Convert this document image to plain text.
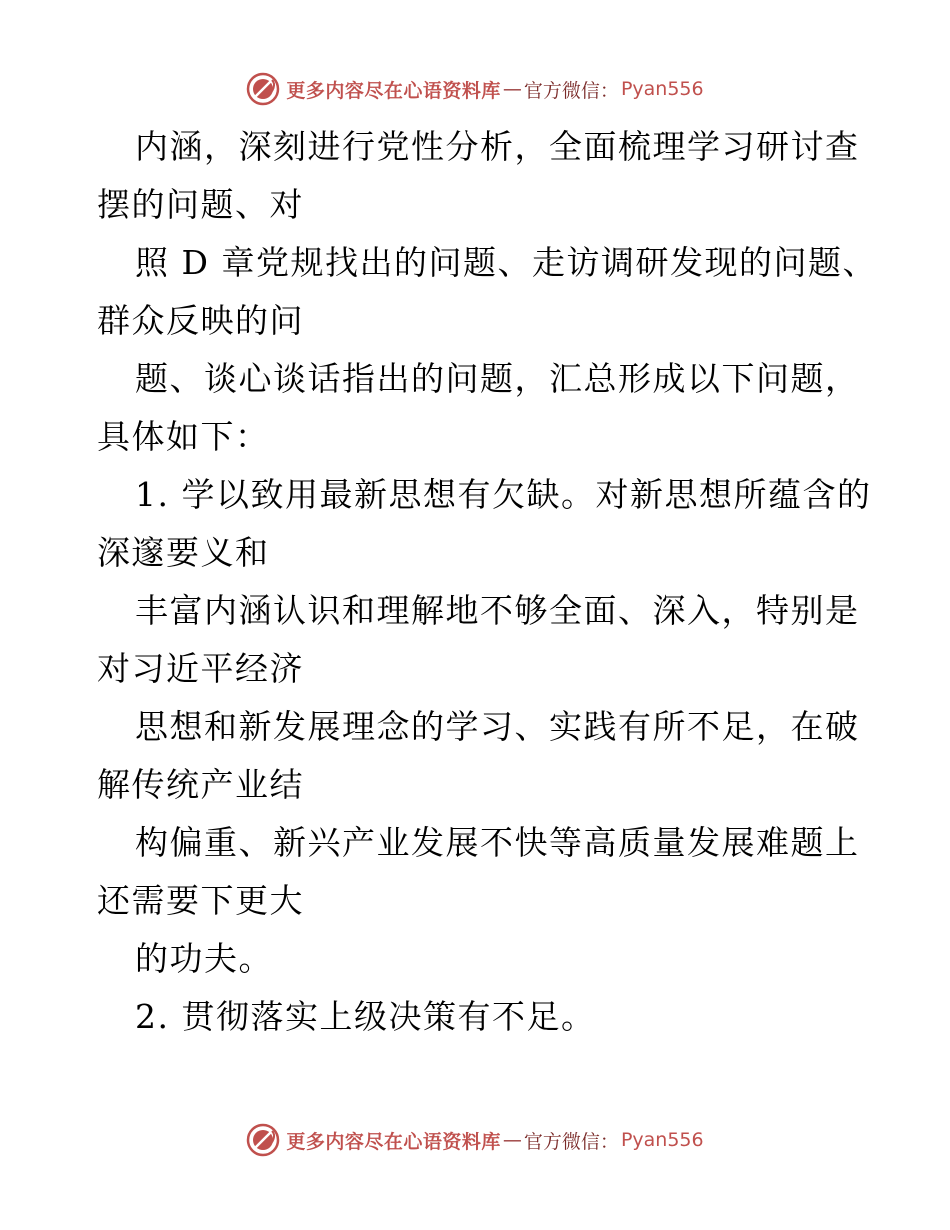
更多内容尽在心语资料库 — 官方微信： Pyan556
内涵，深刻进行党性分析，全面梳理学习研讨查
摆的问题、对
照 D 章党规找出的问题、走访调研发现的问题、
群众反映的问
题、谈心谈话指出的问题，汇总形成以下问题，
具体如下：
1. 学以致用最新思想有欠缺。对新思想所蕴含的
深邃要义和
丰富内涵认识和理解地不够全面、深入，特别是
对习近平经济
思想和新发展理念的学习、实践有所不足，在破
解传统产业结
构偏重、新兴产业发展不快等高质量发展难题上
还需要下更大
的功夫。
2. 贯彻落实上级决策有不足。
更多内容尽在心语资料库 — 官方微信： Pyan556
